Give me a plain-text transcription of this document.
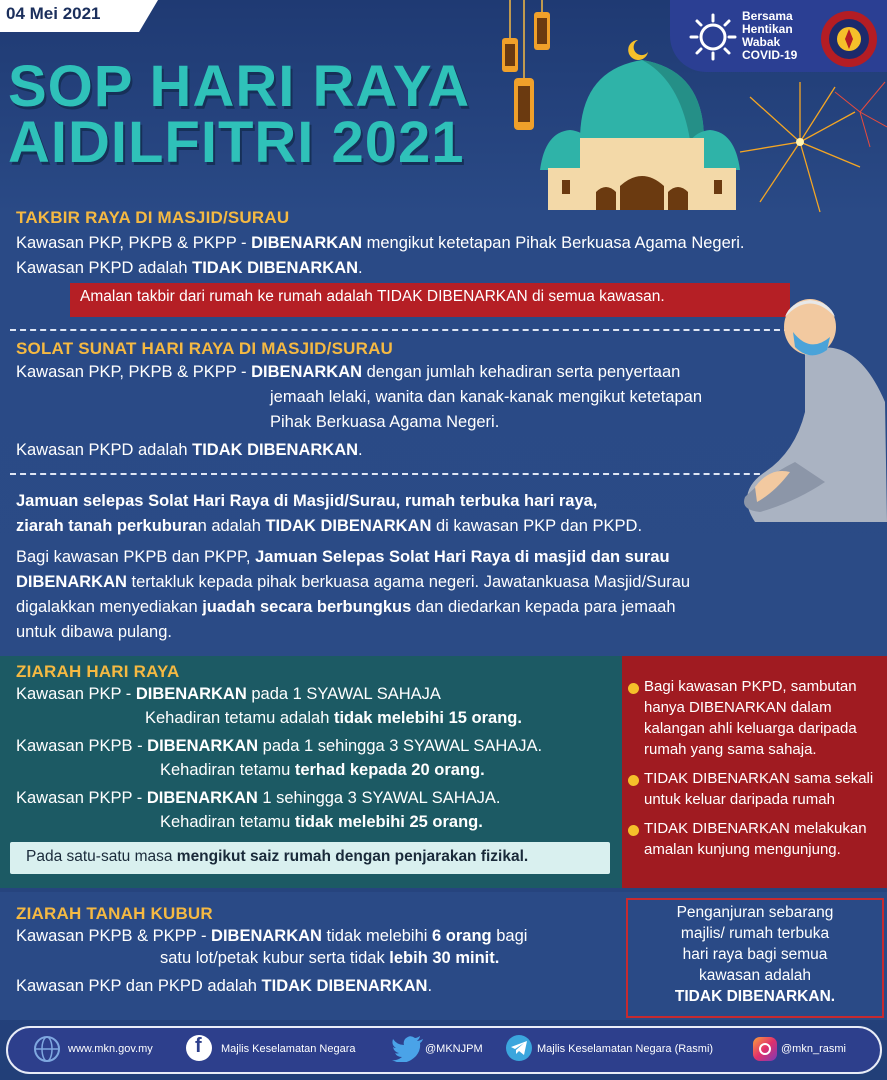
04 Mei 2021
SOP HARI RAYA
AIDILFITRI 2021
Bersama
Hentikan
Wabak
COVID-19
TAKBIR RAYA DI MASJID/SURAU
Kawasan PKP, PKPB & PKPP - DIBENARKAN mengikut ketetapan Pihak Berkuasa Agama Negeri.
Kawasan PKPD adalah TIDAK DIBENARKAN.
Amalan takbir dari rumah ke rumah adalah TIDAK DIBENARKAN di semua kawasan.
SOLAT SUNAT HARI RAYA DI MASJID/SURAU
Kawasan PKP, PKPB & PKPP - DIBENARKAN dengan jumlah kehadiran serta penyertaan
jemaah lelaki, wanita dan kanak-kanak mengikut ketetapan
Pihak Berkuasa Agama Negeri.
Kawasan PKPD adalah TIDAK DIBENARKAN.
Jamuan selepas Solat Hari Raya di Masjid/Surau, rumah terbuka hari raya,
ziarah tanah perkuburan adalah TIDAK DIBENARKAN di kawasan PKP dan PKPD.
Bagi kawasan PKPB dan PKPP, Jamuan Selepas Solat Hari Raya di masjid dan surau
DIBENARKAN tertakluk kepada pihak berkuasa agama negeri. Jawatankuasa Masjid/Surau
digalakkan menyediakan juadah secara berbungkus dan diedarkan kepada para jemaah
untuk dibawa pulang.
ZIARAH HARI RAYA
Kawasan PKP - DIBENARKAN pada 1 SYAWAL SAHAJA
Kehadiran tetamu adalah tidak melebihi 15 orang.
Kawasan PKPB - DIBENARKAN pada 1 sehingga 3 SYAWAL SAHAJA.
Kehadiran tetamu terhad kepada 20 orang.
Kawasan PKPP - DIBENARKAN 1 sehingga 3 SYAWAL SAHAJA.
Kehadiran tetamu tidak melebihi 25 orang.
Pada satu-satu masa mengikut saiz rumah dengan penjarakan fizikal.
Bagi kawasan PKPD, sambutan
hanya DIBENARKAN dalam
kalangan ahli keluarga daripada
rumah yang sama sahaja.
TIDAK DIBENARKAN sama sekali
untuk keluar daripada rumah
TIDAK DIBENARKAN melakukan
amalan kunjung mengunjung.
ZIARAH TANAH KUBUR
Kawasan PKPB & PKPP - DIBENARKAN tidak melebihi 6 orang bagi
satu lot/petak kubur serta tidak lebih 30 minit.
Kawasan PKP dan PKPD adalah TIDAK DIBENARKAN.
Penganjuran sebarang
majlis/ rumah terbuka
hari raya bagi semua
kawasan adalah
TIDAK DIBENARKAN.
www.mkn.gov.my f Majlis Keselamatan Negara	@MKNJPM	Majlis Keselamatan Negara (Rasmi)	@mkn_rasmi
